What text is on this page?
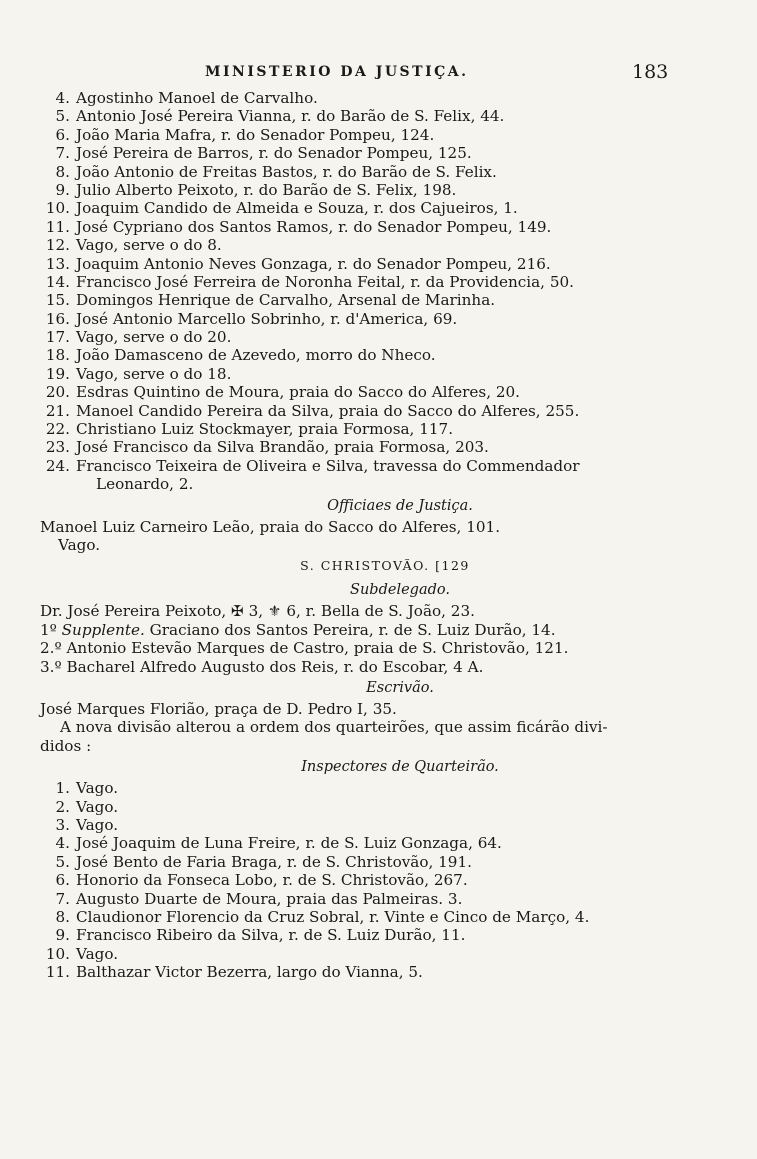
MINISTERIO DA JUSTIÇA.	183
4. Agostinho Manoel de Carvalho.
5. Antonio José Pereira Vianna, r. do Barão de S. Felix, 44.
6. João Maria Mafra, r. do Senador Pompeu, 124.
7. José Pereira de Barros, r. do Senador Pompeu, 125.
8. João Antonio de Freitas Bastos, r. do Barão de S. Felix.
9. Julio Alberto Peixoto, r. do Barão de S. Felix, 198.
10. Joaquim Candido de Almeida e Souza, r. dos Cajueiros, 1.
11. José Cypriano dos Santos Ramos, r. do Senador Pompeu, 149.
12. Vago, serve o do 8.
13. Joaquim Antonio Neves Gonzaga, r. do Senador Pompeu, 216.
14. Francisco José Ferreira de Noronha Feital, r. da Providencia, 50.
15. Domingos Henrique de Carvalho, Arsenal de Marinha.
16. José Antonio Marcello Sobrinho, r. d'America, 69.
17. Vago, serve o do 20.
18. João Damasceno de Azevedo, morro do Nheco.
19. Vago, serve o do 18.
20. Esdras Quintino de Moura, praia do Sacco do Alferes, 20.
21. Manoel Candido Pereira da Silva, praia do Sacco do Alferes, 255.
22. Christiano Luiz Stockmayer, praia Formosa, 117.
23. José Francisco da Silva Brandão, praia Formosa, 203.
24. Francisco Teixeira de Oliveira e Silva, travessa do Commendador
Leonardo, 2.
Officiaes de Justiça.
Manoel Luiz Carneiro Leão, praia do Sacco do Alferes, 101.
Vago.
S. CHRISTOVÃO. [129
Subdelegado.
Dr. José Pereira Peixoto, ✠ 3, ⚜ 6, r. Bella de S. João, 23.
1º Supplente. Graciano dos Santos Pereira, r. de S. Luiz Durão, 14.
2.º Antonio Estevão Marques de Castro, praia de S. Christovão, 121.
3.º Bacharel Alfredo Augusto dos Reis, r. do Escobar, 4 A.
Escrivão.
José Marques Florião, praça de D. Pedro I, 35.
A nova divisão alterou a ordem dos quarteirões, que assim ficárão divi-
didos :
Inspectores de Quarteirão.
1. Vago.
2. Vago.
3. Vago.
4. José Joaquim de Luna Freire, r. de S. Luiz Gonzaga, 64.
5. José Bento de Faria Braga, r. de S. Christovão, 191.
6. Honorio da Fonseca Lobo, r. de S. Christovão, 267.
7. Augusto Duarte de Moura, praia das Palmeiras. 3.
8. Claudionor Florencio da Cruz Sobral, r. Vinte e Cinco de Março, 4.
9. Francisco Ribeiro da Silva, r. de S. Luiz Durão, 11.
10. Vago.
11. Balthazar Victor Bezerra, largo do Vianna, 5.
